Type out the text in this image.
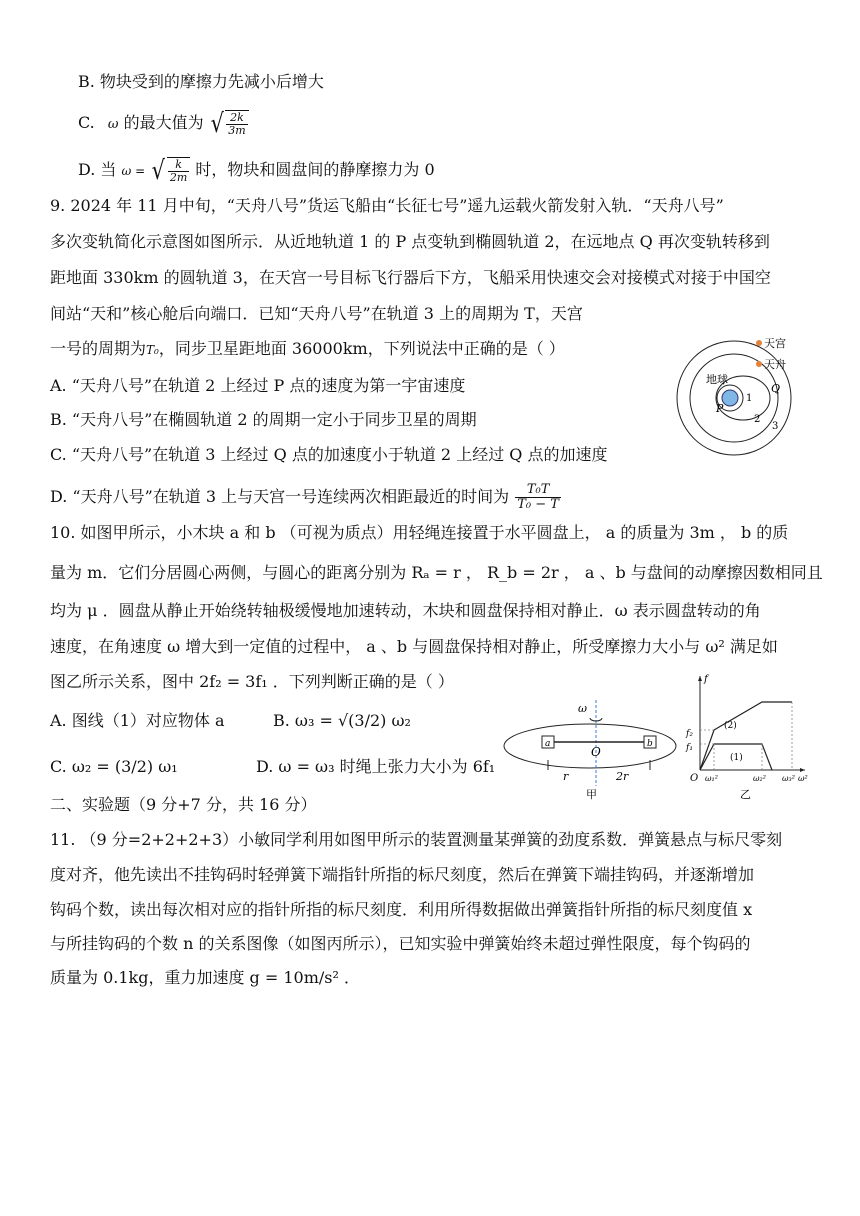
B. 物块受到的摩擦力先减小后增大
C. ω 的最大值为 √ $\frac{2k}{3m}$
D. 当 ω = √ $\frac{k}{2m}$ 时，物块和圆盘间的静摩擦力为 0
9. 2024 年 11 月中旬，“天舟八号”货运飞船由“长征七号”遥九运载火箭发射入轨．“天舟八号”
多次变轨简化示意图如图所示．从近地轨道 1 的 P 点变轨到椭圆轨道 2，在远地点 Q 再次变轨转移到
距地面 330km 的圆轨道 3，在天宫一号目标飞行器后下方，飞船采用快速交会对接模式对接于中国空
间站“天和”核心舱后向端口．已知“天舟八号”在轨道 3 上的周期为 T，天宫
一号的周期为T₀，同步卫星距地面 36000km，下列说法中正确的是（ ）
A. “天舟八号”在轨道 2 上经过 P 点的速度为第一宇宙速度
B. “天舟八号”在椭圆轨道 2 的周期一定小于同步卫星的周期
C. “天舟八号”在轨道 3 上经过 Q 点的加速度小于轨道 2 上经过 Q 点的加速度
D. “天舟八号”在轨道 3 上与天宫一号连续两次相距最近的时间为 $\frac{\text{T₀T}}{\text{T₀ − T}}$
天宫
天舟
地球
P
Q
1
2
3
10. 如图甲所示，小木块 a 和 b （可视为质点）用轻绳连接置于水平圆盘上， a 的质量为 3m ， b 的质
量为 m．它们分居圆心两侧，与圆心的距离分别为 Rₐ = r ， R_b = 2r ， a 、b 与盘间的动摩擦因数相同且
均为 μ ．圆盘从静止开始绕转轴极缓慢地加速转动，木块和圆盘保持相对静止．ω 表示圆盘转动的角
速度，在角速度 ω 增大到一定值的过程中， a 、b 与圆盘保持相对静止，所受摩擦力大小与 ω² 满足如
图乙所示关系，图中 2f₂ = 3f₁ ．下列判断正确的是（ ）
A. 图线（1）对应物体 a	B. ω₃ = √(3/2) ω₂
C. ω₂ = (3/2) ω₁	D. ω = ω₃ 时绳上张力大小为 6f₁
ω
a	b
O
r	2r
甲
f
f₂
f₁
(2)
(1)
O ω₁²	ω₂² ω₃² ω²
乙
二、实验题（9 分+7 分，共 16 分）
11. （9 分=2+2+2+3）小敏同学利用如图甲所示的装置测量某弹簧的劲度系数．弹簧悬点与标尺零刻
度对齐，他先读出不挂钩码时轻弹簧下端指针所指的标尺刻度，然后在弹簧下端挂钩码，并逐渐增加
钩码个数，读出每次相对应的指针所指的标尺刻度．利用所得数据做出弹簧指针所指的标尺刻度值 x
与所挂钩码的个数 n 的关系图像（如图丙所示），已知实验中弹簧始终未超过弹性限度，每个钩码的
质量为 0.1kg，重力加速度 g = 10m/s² ．
